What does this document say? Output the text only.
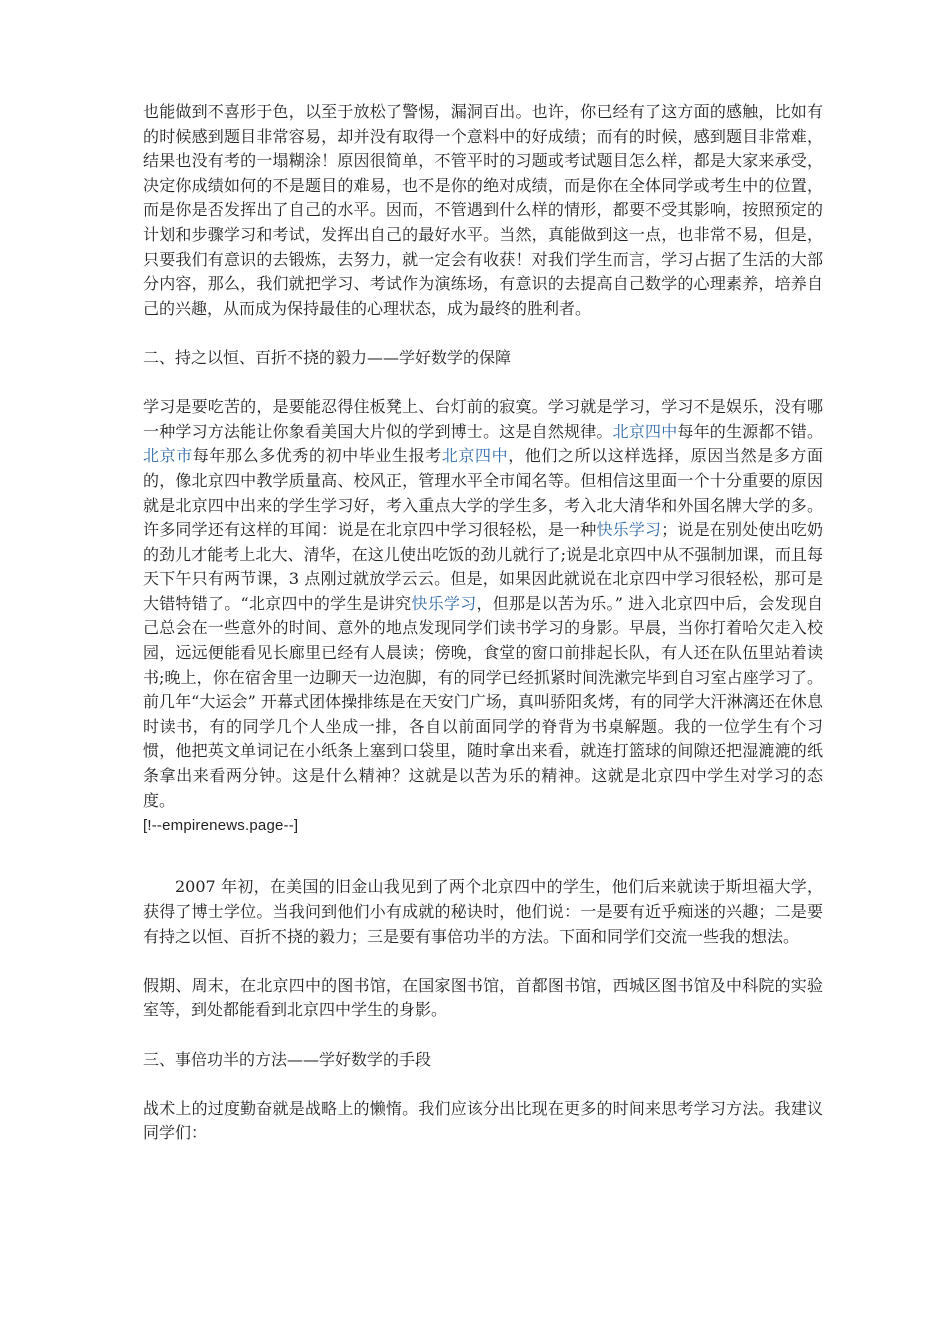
也能做到不喜形于色，以至于放松了警惕，漏洞百出。也许，你已经有了这方面的感触，比如有的时候感到题目非常容易，却并没有取得一个意料中的好成绩；而有的时候，感到题目非常难，结果也没有考的一塌糊涂！原因很简单，不管平时的习题或考试题目怎么样，都是大家来承受，决定你成绩如何的不是题目的难易，也不是你的绝对成绩，而是你在全体同学或考生中的位置，而是你是否发挥出了自己的水平。因而，不管遇到什么样的情形，都要不受其影响，按照预定的计划和步骤学习和考试，发挥出自己的最好水平。当然，真能做到这一点，也非常不易，但是，只要我们有意识的去锻炼，去努力，就一定会有收获！对我们学生而言，学习占据了生活的大部分内容，那么，我们就把学习、考试作为演练场，有意识的去提高自己数学的心理素养，培养自己的兴趣，从而成为保持最佳的心理状态，成为最终的胜利者。

二、持之以恒、百折不挠的毅力——学好数学的保障

学习是要吃苦的，是要能忍得住板凳上、台灯前的寂寞。学习就是学习，学习不是娱乐，没有哪一种学习方法能让你象看美国大片似的学到博士。这是自然规律。北京四中每年的生源都不错。北京市每年那么多优秀的初中毕业生报考北京四中，他们之所以这样选择，原因当然是多方面的，像北京四中教学质量高、校风正，管理水平全市闻名等。但相信这里面一个十分重要的原因就是北京四中出来的学生学习好，考入重点大学的学生多，考入北大清华和外国名牌大学的多。许多同学还有这样的耳闻：说是在北京四中学习很轻松，是一种快乐学习；说是在别处使出吃奶的劲儿才能考上北大、清华，在这儿使出吃饭的劲儿就行了;说是北京四中从不强制加课，而且每天下午只有两节课，3 点刚过就放学云云。但是，如果因此就说在北京四中学习很轻松，那可是大错特错了。“北京四中的学生是讲究快乐学习，但那是以苦为乐。” 进入北京四中后，会发现自己总会在一些意外的时间、意外的地点发现同学们读书学习的身影。早晨，当你打着哈欠走入校园，远远便能看见长廊里已经有人晨读；傍晚，食堂的窗口前排起长队，有人还在队伍里站着读书;晚上，你在宿舍里一边聊天一边泡脚，有的同学已经抓紧时间洗漱完毕到自习室占座学习了。前几年“大运会” 开幕式团体操排练是在天安门广场，真叫骄阳炙烤，有的同学大汗淋漓还在休息时读书，有的同学几个人坐成一排，各自以前面同学的脊背为书桌解题。我的一位学生有个习惯，他把英文单词记在小纸条上塞到口袋里，随时拿出来看，就连打篮球的间隙还把湿漉漉的纸条拿出来看两分钟。这是什么精神？这就是以苦为乐的精神。这就是北京四中学生对学习的态度。
[!--empirenews.page--]

2007 年初，在美国的旧金山我见到了两个北京四中的学生，他们后来就读于斯坦福大学，获得了博士学位。当我问到他们小有成就的秘诀时，他们说：一是要有近乎痴迷的兴趣；二是要有持之以恒、百折不挠的毅力；三是要有事倍功半的方法。下面和同学们交流一些我的想法。

假期、周末，在北京四中的图书馆，在国家图书馆，首都图书馆，西城区图书馆及中科院的实验室等，到处都能看到北京四中学生的身影。

三、事倍功半的方法——学好数学的手段

战术上的过度勤奋就是战略上的懒惰。我们应该分出比现在更多的时间来思考学习方法。我建议同学们：
